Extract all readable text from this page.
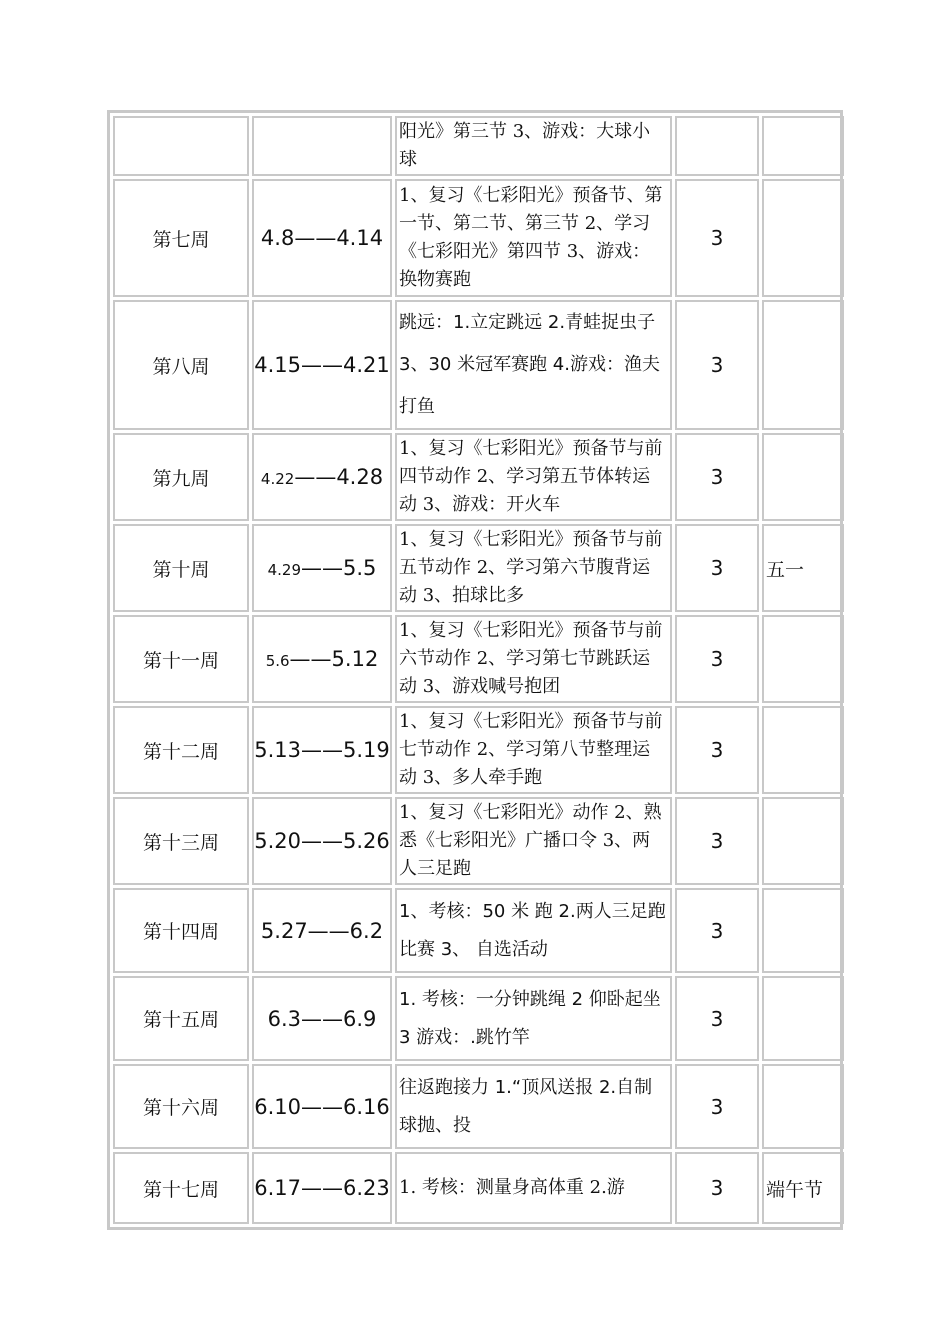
		阳光》第三节 3、游戏：大球小球		
第七周	4.8——4.14	1、复习《七彩阳光》预备节、第一节、第二节、第三节 2、学习《七彩阳光》第四节 3、游戏：换物赛跑	3	
第八周	4.15——4.21	跳远：1.立定跳远 2.青蛙捉虫子 3、30 米冠军赛跑 4.游戏：渔夫打鱼	3	
第九周	4.22——4.28	1、复习《七彩阳光》预备节与前四节动作 2、学习第五节体转运动 3、游戏：开火车	3	
第十周	4.29——5.5	1、复习《七彩阳光》预备节与前五节动作 2、学习第六节腹背运动 3、拍球比多	3	五一
第十一周	5.6——5.12	1、复习《七彩阳光》预备节与前六节动作 2、学习第七节跳跃运动 3、游戏喊号抱团	3	
第十二周	5.13——5.19	1、复习《七彩阳光》预备节与前七节动作 2、学习第八节整理运动 3、多人牵手跑	3	
第十三周	5.20——5.26	1、复习《七彩阳光》动作 2、熟悉《七彩阳光》广播口令 3、两人三足跑	3	
第十四周	5.27——6.2	1、考核：50 米 跑 2.两人三足跑比赛 3、 自选活动	3	
第十五周	6.3——6.9	1. 考核：一分钟跳绳 2 仰卧起坐 3 游戏：.跳竹竿	3	
第十六周	6.10——6.16	往返跑接力 1.“顶风送报 2.自制球抛、投	3	
第十七周	6.17——6.23	1. 考核：测量身高体重 2.游	3	端午节
